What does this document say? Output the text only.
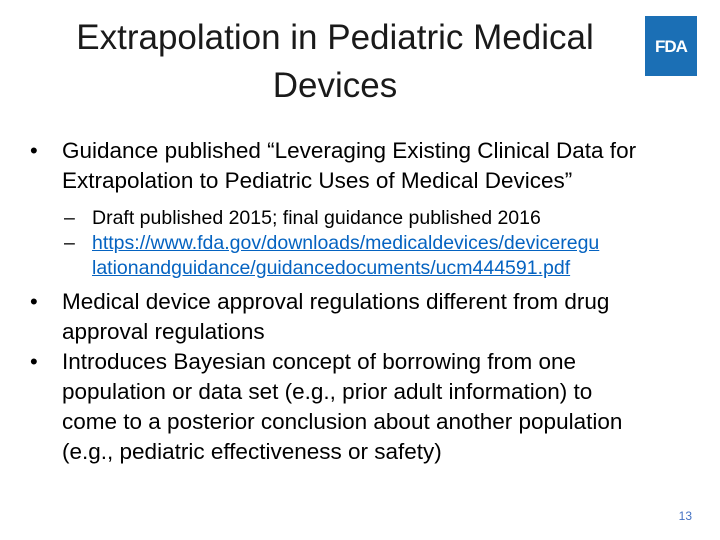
Extrapolation in Pediatric Medical
Devices
FDA
• Guidance published “Leveraging Existing Clinical Data for
Extrapolation to Pediatric Uses of Medical Devices”
– Draft published 2015; final guidance published 2016
– https://www.fda.gov/downloads/medicaldevices/deviceregu
lationandguidance/guidancedocuments/ucm444591.pdf
• Medical device approval regulations different from drug
approval regulations
• Introduces Bayesian concept of borrowing from one
population or data set (e.g., prior adult information) to
come to a posterior conclusion about another population
(e.g., pediatric effectiveness or safety)
13
